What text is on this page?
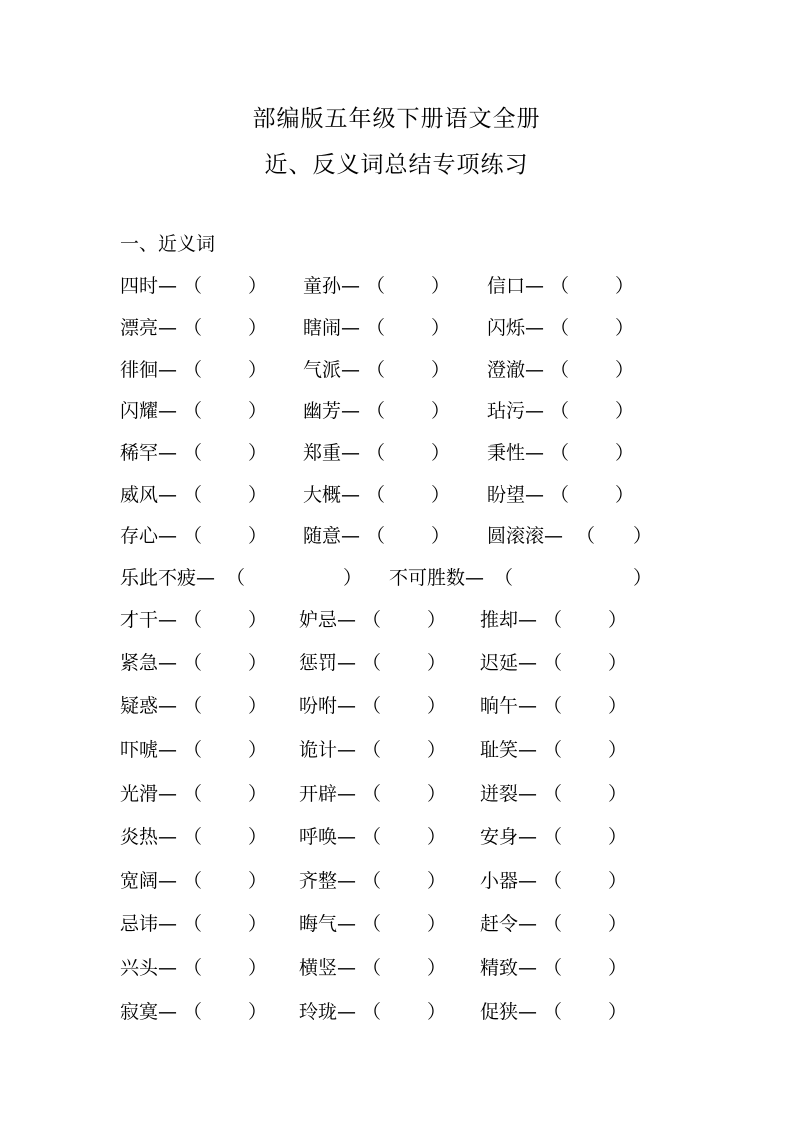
部编版五年级下册语文全册
近、反义词总结专项练习
一、近义词
四时— （ ） 童孙— （ ） 信口— （ ）
漂亮— （ ） 瞎闹— （ ） 闪烁— （ ）
徘徊— （ ） 气派— （ ） 澄澈— （ ）
闪耀— （ ） 幽芳— （ ） 玷污— （ ）
稀罕— （ ） 郑重— （ ） 秉性— （ ）
威风— （ ） 大概— （ ） 盼望— （ ）
存心— （ ） 随意— （ ） 圆滚滚— （ ）
乐此不疲— （	） 不可胜数— （	）
才干— （ ） 妒忌— （ ） 推却— （ ）
紧急— （ ） 惩罚— （ ） 迟延— （ ）
疑惑— （ ） 吩咐— （ ） 晌午— （ ）
吓唬— （ ） 诡计— （ ） 耻笑— （ ）
光滑— （ ） 开辟— （ ） 迸裂— （ ）
炎热— （ ） 呼唤— （ ） 安身— （ ）
宽阔— （ ） 齐整— （ ） 小器— （ ）
忌讳— （ ） 晦气— （ ） 赶令— （ ）
兴头— （ ） 横竖— （ ） 精致— （ ）
寂寞— （ ） 玲珑— （ ） 促狭— （ ）
